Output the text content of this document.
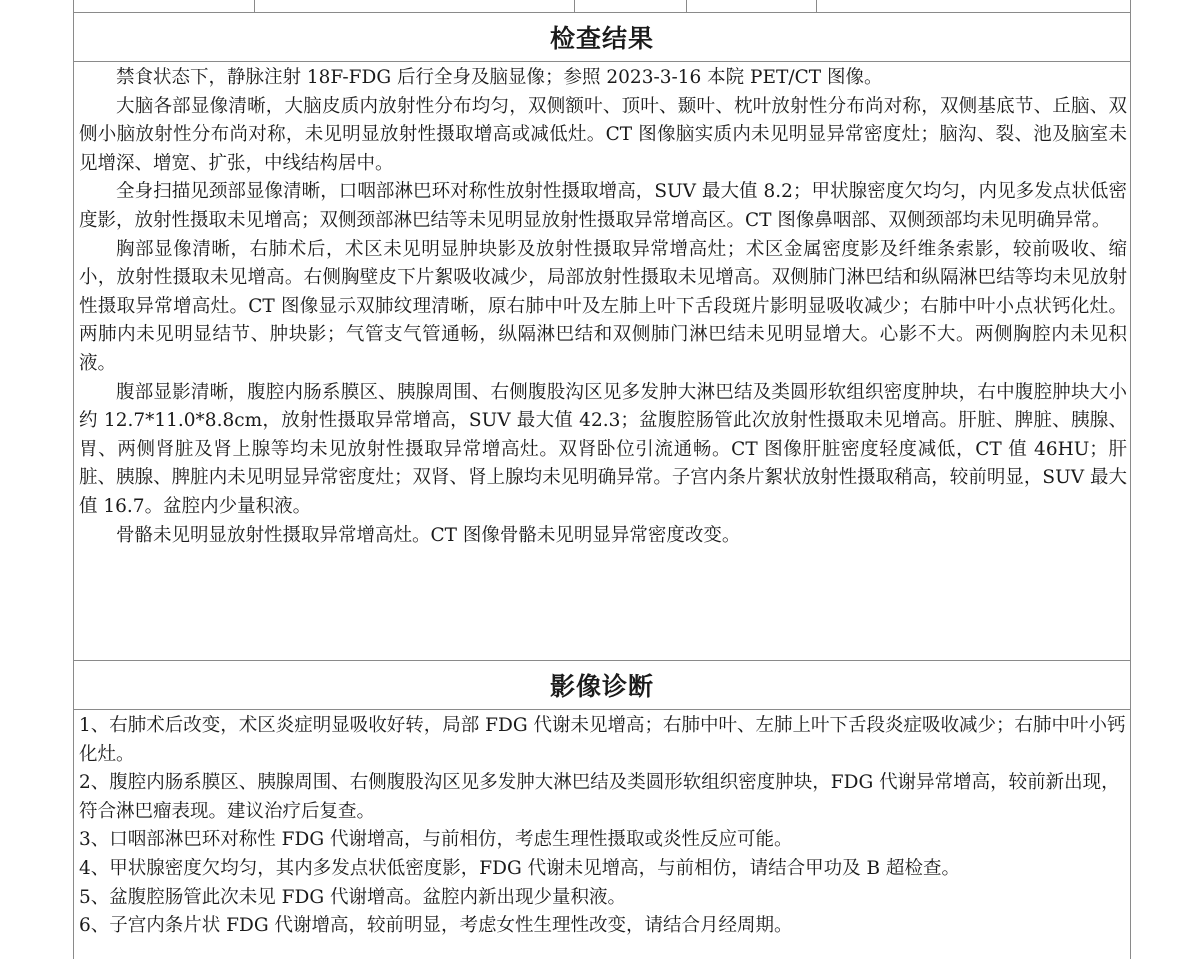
检查结果

禁食状态下，静脉注射 18F-FDG 后行全身及脑显像；参照 2023-3-16 本院 PET/CT 图像。

大脑各部显像清晰，大脑皮质内放射性分布均匀，双侧额叶、顶叶、颞叶、枕叶放射性分布尚对称，双侧基底节、丘脑、双侧小脑放射性分布尚对称，未见明显放射性摄取增高或减低灶。CT 图像脑实质内未见明显异常密度灶；脑沟、裂、池及脑室未见增深、增宽、扩张，中线结构居中。

全身扫描见颈部显像清晰，口咽部淋巴环对称性放射性摄取增高，SUV 最大值 8.2；甲状腺密度欠均匀，内见多发点状低密度影，放射性摄取未见增高；双侧颈部淋巴结等未见明显放射性摄取异常增高区。CT 图像鼻咽部、双侧颈部均未见明确异常。

胸部显像清晰，右肺术后，术区未见明显肿块影及放射性摄取异常增高灶；术区金属密度影及纤维条索影，较前吸收、缩小，放射性摄取未见增高。右侧胸壁皮下片絮吸收减少，局部放射性摄取未见增高。双侧肺门淋巴结和纵隔淋巴结等均未见放射性摄取异常增高灶。CT 图像显示双肺纹理清晰，原右肺中叶及左肺上叶下舌段斑片影明显吸收减少；右肺中叶小点状钙化灶。两肺内未见明显结节、肿块影；气管支气管通畅，纵隔淋巴结和双侧肺门淋巴结未见明显增大。心影不大。两侧胸腔内未见积液。

腹部显影清晰，腹腔内肠系膜区、胰腺周围、右侧腹股沟区见多发肿大淋巴结及类圆形软组织密度肿块，右中腹腔肿块大小约 12.7*11.0*8.8cm，放射性摄取异常增高，SUV 最大值 42.3；盆腹腔肠管此次放射性摄取未见增高。肝脏、脾脏、胰腺、胃、两侧肾脏及肾上腺等均未见放射性摄取异常增高灶。双肾卧位引流通畅。CT 图像肝脏密度轻度减低，CT 值 46HU；肝脏、胰腺、脾脏内未见明显异常密度灶；双肾、肾上腺均未见明确异常。子宫内条片絮状放射性摄取稍高，较前明显，SUV 最大值 16.7。盆腔内少量积液。

骨骼未见明显放射性摄取异常增高灶。CT 图像骨骼未见明显异常密度改变。

影像诊断

1、右肺术后改变，术区炎症明显吸收好转，局部 FDG 代谢未见增高；右肺中叶、左肺上叶下舌段炎症吸收减少；右肺中叶小钙化灶。

2、腹腔内肠系膜区、胰腺周围、右侧腹股沟区见多发肿大淋巴结及类圆形软组织密度肿块，FDG 代谢异常增高，较前新出现，符合淋巴瘤表现。建议治疗后复查。

3、口咽部淋巴环对称性 FDG 代谢增高，与前相仿，考虑生理性摄取或炎性反应可能。

4、甲状腺密度欠均匀，其内多发点状低密度影，FDG 代谢未见增高，与前相仿，请结合甲功及 B 超检查。

5、盆腹腔肠管此次未见 FDG 代谢增高。盆腔内新出现少量积液。

6、子宫内条片状 FDG 代谢增高，较前明显，考虑女性生理性改变，请结合月经周期。
